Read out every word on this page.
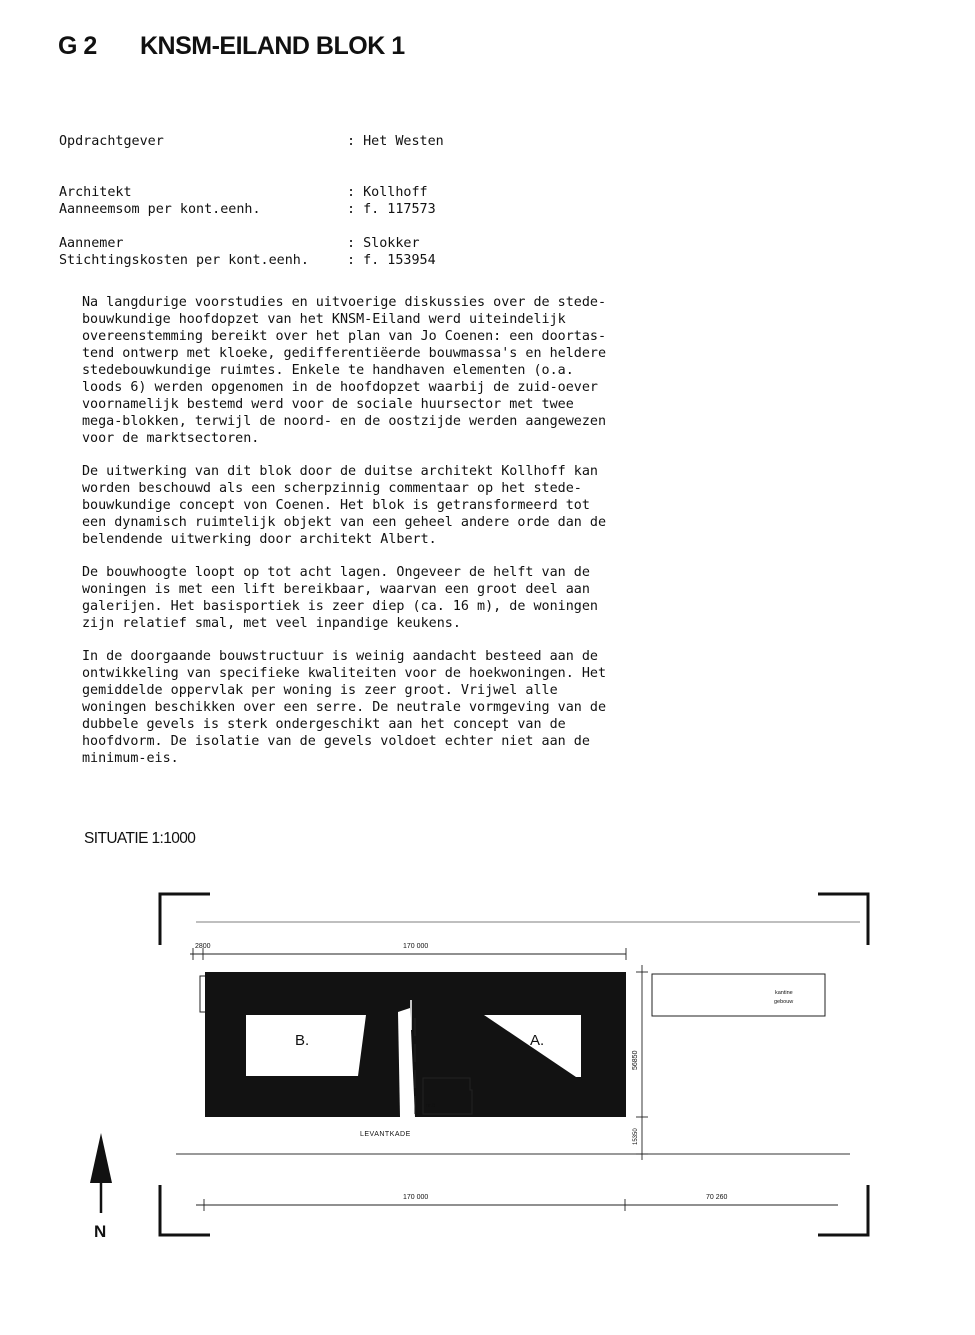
G 2 KNSM-EILAND BLOK 1

Opdrachtgever	: Het Westen

Architekt	: Kollhoff

Aannemer	: Slokker

Aanneemsom per kont.eenh.	: f. 117573

Stichtingskosten per kont.eenh.	: f. 153954

Na langdurige voorstudies en uitvoerige diskussies over de stede-
bouwkundige hoofdopzet van het KNSM-Eiland werd uiteindelijk
overeenstemming bereikt over het plan van Jo Coenen: een doortas-
tend ontwerp met kloeke, gedifferentiëerde bouwmassa's en heldere
stedebouwkundige ruimtes. Enkele te handhaven elementen (o.a.
loods 6) werden opgenomen in de hoofdopzet waarbij de zuid-oever
voornamelijk bestemd werd voor de sociale huursector met twee
mega-blokken, terwijl de noord- en de oostzijde werden aangewezen
voor de marktsectoren.

De uitwerking van dit blok door de duitse architekt Kollhoff kan
worden beschouwd als een scherpzinnig commentaar op het stede-
bouwkundige concept von Coenen. Het blok is getransformeerd tot
een dynamisch ruimtelijk objekt van een geheel andere orde dan de
belendende uitwerking door architekt Albert.

De bouwhoogte loopt op tot acht lagen. Ongeveer de helft van de
woningen is met een lift bereikbaar, waarvan een groot deel aan
galerijen. Het basisportiek is zeer diep (ca. 16 m), de woningen
zijn relatief smal, met veel inpandige keukens.

In de doorgaande bouwstructuur is weinig aandacht besteed aan de
ontwikkeling van specifieke kwaliteiten voor de hoekwoningen. Het
gemiddelde oppervlak per woning is zeer groot. Vrijwel alle
woningen beschikken over een serre. De neutrale vormgeving van de
dubbele gevels is sterk ondergeschikt aan het concept van de
hoofdvorm. De isolatie van de gevels voldoet echter niet aan de
minimum-eis.

SITUATIE 1:1000
2800	170 000
B.	A.
nr.8
LEVANTKADE
56850
15350
kantine
gebouw
170 000	70 260
N
